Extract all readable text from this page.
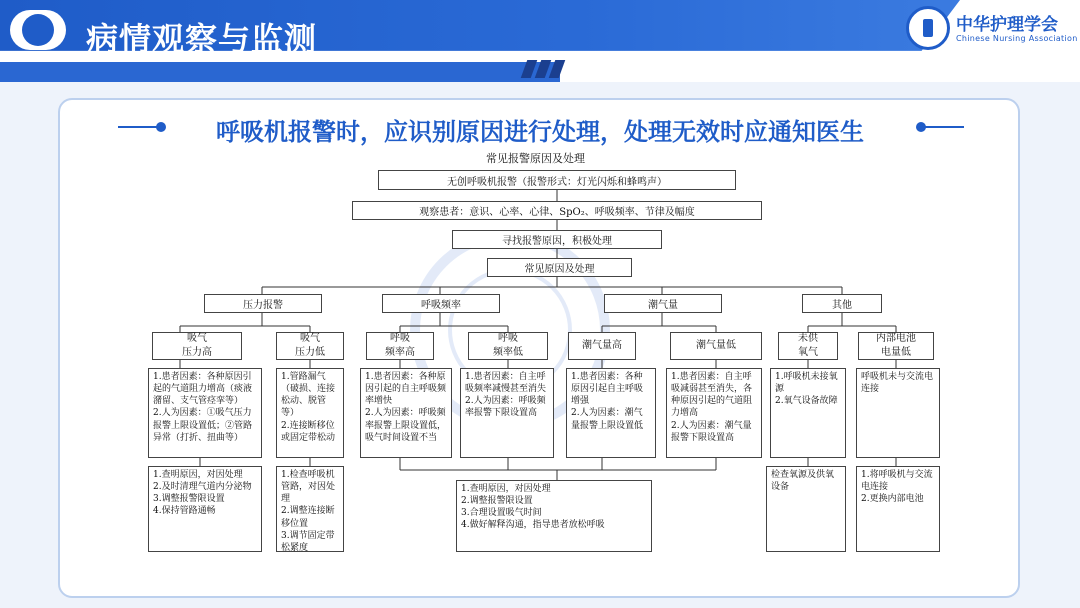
病情观察与监测	中华护理学会
Chinese Nursing Association
呼吸机报警时，应识别原因进行处理，处理无效时应通知医生
常见报警原因及处理
无创呼吸机报警（报警形式：灯光闪烁和蜂鸣声）
观察患者：意识、心率、心律、SpO₂、呼吸频率、节律及幅度
寻找报警原因，积极处理
常见原因及处理
压力报警	呼吸频率	潮气量	其他
吸气
压力高
吸气
压力低
呼吸
频率高
呼吸
频率低
潮气量高	潮气量低
未供
氧气
内部电池
电量低
1.患者因素：各种原因引起的气道阻力增高（痰液潴留、支气管痉挛等）
2.人为因素：①吸气压力报警上限设置低；②管路异常（打折、扭曲等）
1.管路漏气（破损、连接松动、脱管等）
2.连接断移位或固定带松动
1.患者因素：各种原因引起的自主呼吸频率增快
2.人为因素：呼吸频率报警上限设置低，吸气时间设置不当
1.患者因素：自主呼吸频率减慢甚至消失
2.人为因素：呼吸频率报警下限设置高
1.患者因素：各种原因引起自主呼吸增强
2.人为因素：潮气量报警上限设置低
1.患者因素：自主呼吸减弱甚至消失，各种原因引起的气道阻力增高
2.人为因素：潮气量报警下限设置高
1.呼吸机未接氧源
2.氧气设备故障
呼吸机未与交流电连接
1.查明原因，对因处理
2.及时清理气道内分泌物
3.调整报警限设置
4.保持管路通畅
1.检查呼吸机管路，对因处理
2.调整连接断移位置
3.调节固定带松紧度
1.查明原因，对因处理
2.调整报警限设置
3.合理设置吸气时间
4.做好解释沟通，指导患者放松呼吸
检查氧源及供氧设备
1.将呼吸机与交流电连接
2.更换内部电池
